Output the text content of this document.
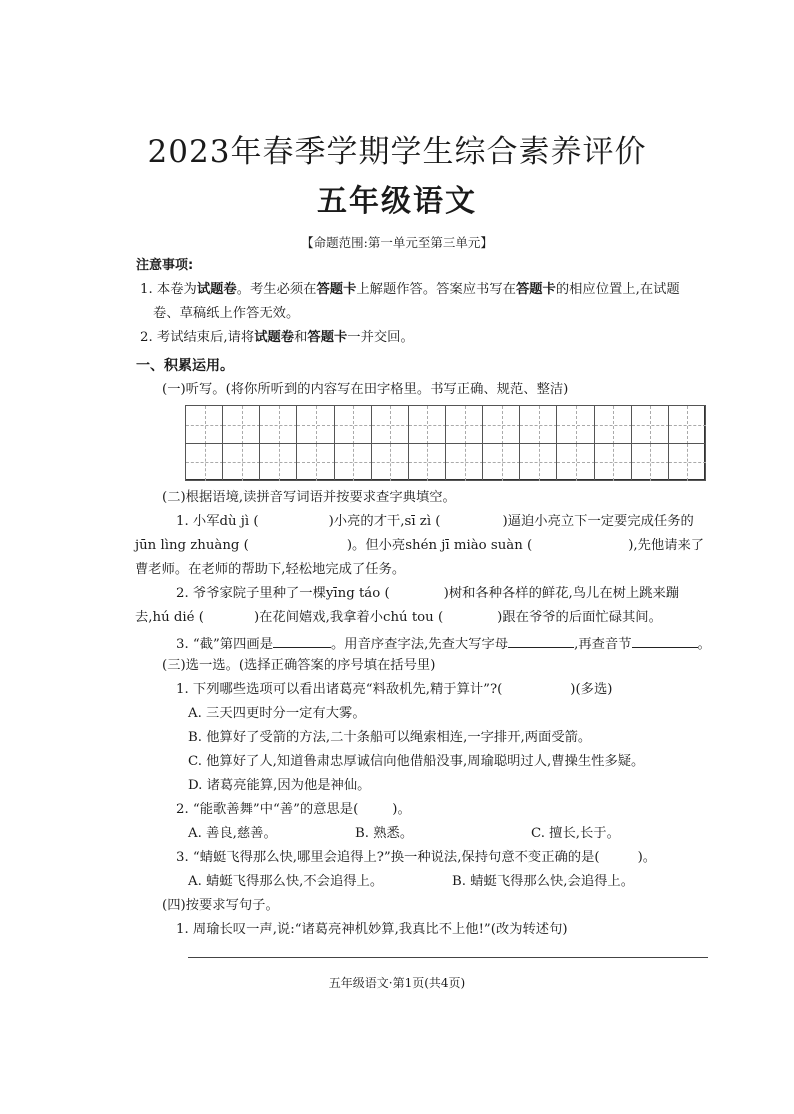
2023年春季学期学生综合素养评价
五年级语文
【命题范围:第一单元至第三单元】
注意事项:
1. 本卷为试题卷。考生必须在答题卡上解题作答。答案应书写在答题卡的相应位置上,在试题
卷、草稿纸上作答无效。
2. 考试结束后,请将试题卷和答题卡一并交回。
一、积累运用。
(一)听写。(将你所听到的内容写在田字格里。书写正确、规范、整洁)
(二)根据语境,读拼音写词语并按要求查字典填空。
1. 小军dù jì (	)小亮的才干,sī zì (	)逼迫小亮立下一定要完成任务的
jūn lìng zhuàng (	)。但小亮shén jī miào suàn (	),先他请来了
曹老师。在老师的帮助下,轻松地完成了任务。
2. 爷爷家院子里种了一棵yīng táo (	)树和各种各样的鲜花,鸟儿在树上跳来蹦
去,hú dié (	)在花间嬉戏,我拿着小chú tou (	)跟在爷爷的后面忙碌其间。
3. “截”第四画是	。用音序查字法,先查大写字母	,再查音节	。
(三)选一选。(选择正确答案的序号填在括号里)
1. 下列哪些选项可以看出诸葛亮“料敌机先,精于算计”?(	)(多选)
A. 三天四更时分一定有大雾。
B. 他算好了受箭的方法,二十条船可以绳索相连,一字排开,两面受箭。
C. 他算好了人,知道鲁肃忠厚诚信向他借船没事,周瑜聪明过人,曹操生性多疑。
D. 诸葛亮能算,因为他是神仙。
2. “能歌善舞”中“善”的意思是(	)。
A. 善良,慈善。	B. 熟悉。	C. 擅长,长于。
3. “蜻蜓飞得那么快,哪里会追得上?”换一种说法,保持句意不变正确的是(	)。
A. 蜻蜓飞得那么快,不会追得上。	B. 蜻蜓飞得那么快,会追得上。
(四)按要求写句子。
1. 周瑜长叹一声,说:“诸葛亮神机妙算,我真比不上他!”(改为转述句)
五年级语文·第1页(共4页)
